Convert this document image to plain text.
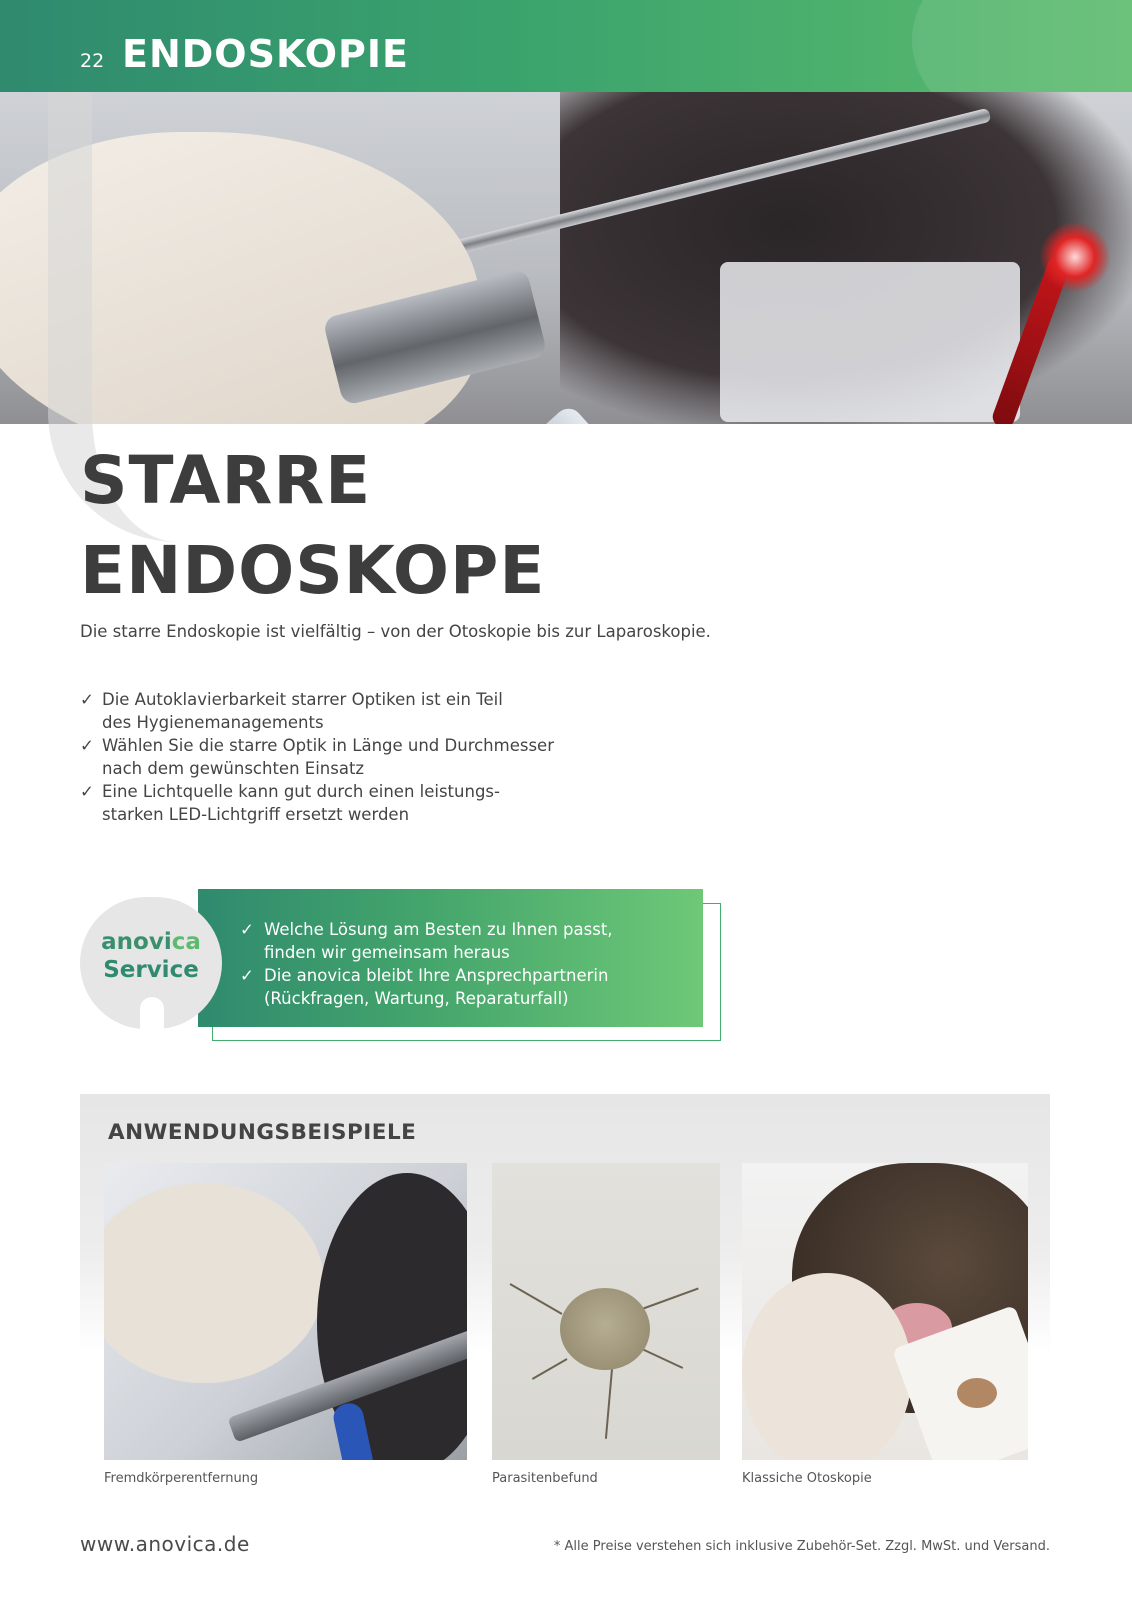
22 ENDOSKOPIE
STARRE
ENDOSKOPE

Die starre Endoskopie ist vielfältig – von der Otoskopie bis zur Laparoskopie.

✓ Die Autoklavierbarkeit starrer Optiken ist ein Teil
des Hygienemanagements
✓ Wählen Sie die starre Optik in Länge und Durchmesser
nach dem gewünschten Einsatz
✓ Eine Lichtquelle kann gut durch einen leistungs-
starken LED-Lichtgriff ersetzt werden
✓ Welche Lösung am Besten zu Ihnen passt,
finden wir gemeinsam heraus
✓ Die anovica bleibt Ihre Ansprechpartnerin
(Rückfragen, Wartung, Reparaturfall)
anovica
Service
ANWENDUNGSBEISPIELE
Fremdkörperentfernung	Parasitenbefund	Klassiche Otoskopie
www.anovica.de	* Alle Preise verstehen sich inklusive Zubehör-Set. Zzgl. MwSt. und Versand.
